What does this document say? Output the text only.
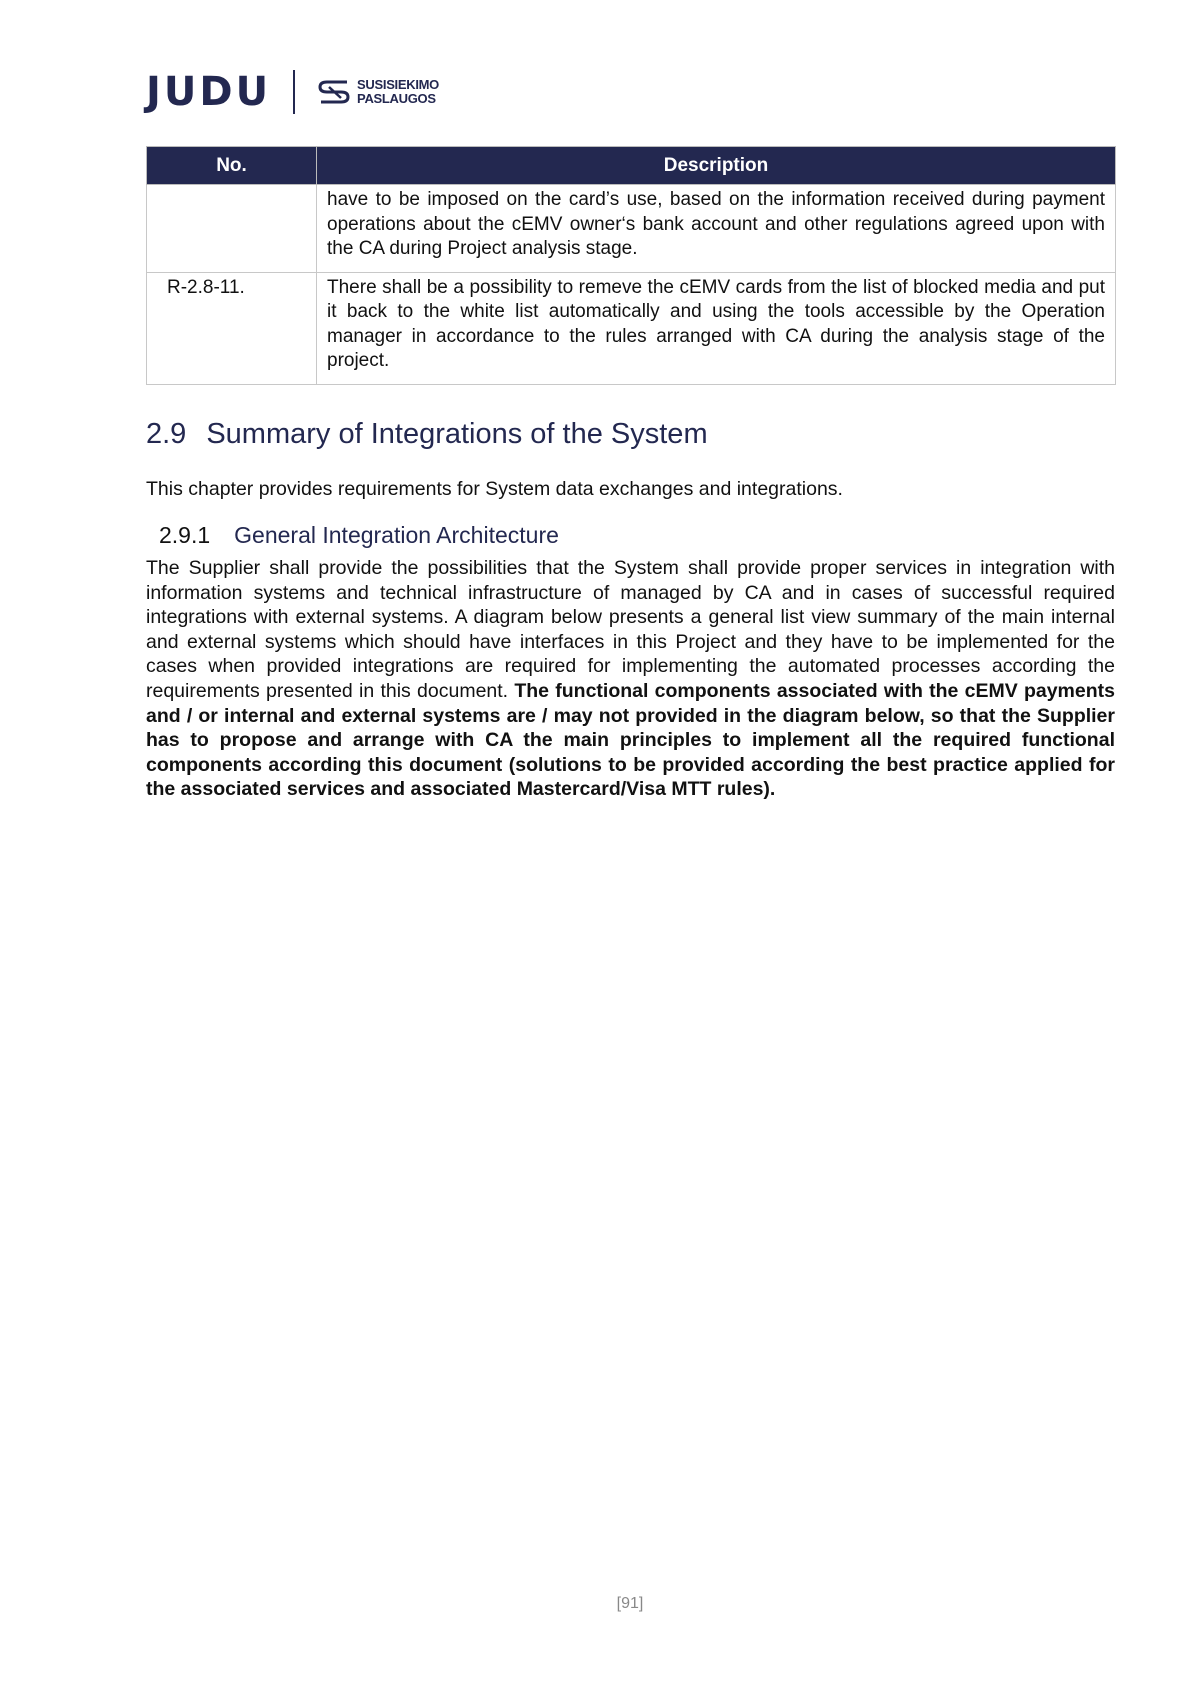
JUDU	SUSISIEKIMO
PASLAUGOS
No.	Description
	have to be imposed on the card’s use, based on the information received during payment operations about the cEMV owner‘s bank account and other regulations agreed upon with the CA during Project analysis stage.
R-2.8-11.	There shall be a possibility to remeve the cEMV cards from the list of blocked media and put it back to the white list automatically and using the tools accessible by the Operation manager in accordance to the rules arranged with CA during the analysis stage of the project.
2.9 Summary of Integrations of the System

This chapter provides requirements for System data exchanges and integrations.

2.9.1 General Integration Architecture

The Supplier shall provide the possibilities that the System shall provide proper services in integration with information systems and technical infrastructure of managed by CA and in cases of successful required integrations with external systems. A diagram below presents a general list view summary of the main internal and external systems which should have interfaces in this Project and they have to be implemented for the cases when provided integrations are required for implementing the automated processes according the requirements presented in this document. The functional components associated with the cEMV payments and / or internal and external systems are / may not provided in the diagram below, so that the Supplier has to propose and arrange with CA the main principles to implement all the required functional components according this document (solutions to be provided according the best practice applied for the associated services and associated Mastercard/Visa MTT rules).

[91]
